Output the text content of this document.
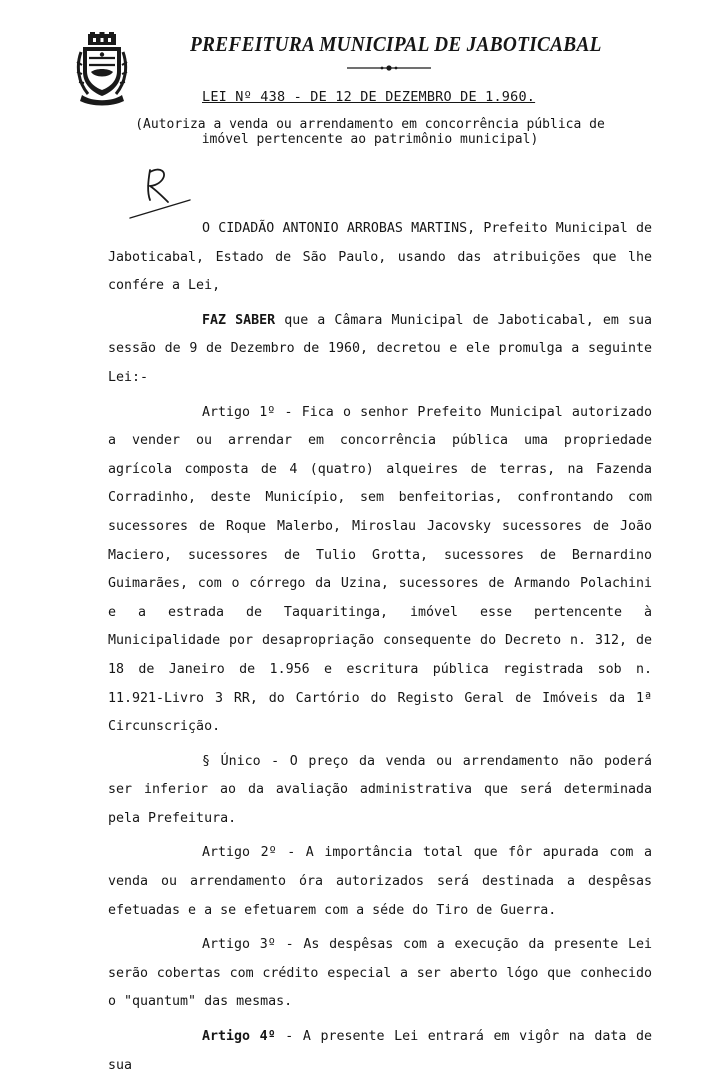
PREFEITURA MUNICIPAL DE JABOTICABAL
LEI Nº 438 - DE 12 DE DEZEMBRO DE 1.960.
(Autoriza a venda ou arrendamento em concorrência pública de imóvel pertencente ao patrimônio municipal)

O CIDADÃO ANTONIO ARROBAS MARTINS, Prefeito Municipal de Jaboticabal, Estado de São Paulo, usando das atribuições que lhe confére a Lei,

FAZ SABER que a Câmara Municipal de Jaboticabal, em sua sessão de 9 de Dezembro de 1960, decretou e ele promulga a seguinte Lei:-

Artigo 1º - Fica o senhor Prefeito Municipal autorizado a vender ou arrendar em concorrência pública uma propriedade agrícola composta de 4 (quatro) alqueires de terras, na Fazenda Corradinho, deste Município, sem benfeitorias, confrontando com sucessores de Roque Malerbo, Miroslau Jacovsky sucessores de João Maciero, sucessores de Tulio Grotta, sucessores de Bernardino Guimarães, com o córrego da Uzina, sucessores de Armando Polachini e a estrada de Taquaritinga, imóvel esse pertencente à Municipalidade por desapropriação consequente do Decreto n. 312, de 18 de Janeiro de 1.956 e escritura pública registrada sob n. 11.921-Livro 3 RR, do Cartório do Registo Geral de Imóveis da 1ª Circunscrição.

§ Único - O preço da venda ou arrendamento não poderá ser inferior ao da avaliação administrativa que será determinada pela Prefeitura.

Artigo 2º - A importância total que fôr apurada com a venda ou arrendamento óra autorizados será destinada a despêsas efetuadas e a se efetuarem com a séde do Tiro de Guerra.

Artigo 3º - As despêsas com a execução da presente Lei serão cobertas com crédito especial a ser aberto lógo que conhecido o "quantum" das mesmas.

Artigo 4º - A presente Lei entrará em vigôr na data de sua
